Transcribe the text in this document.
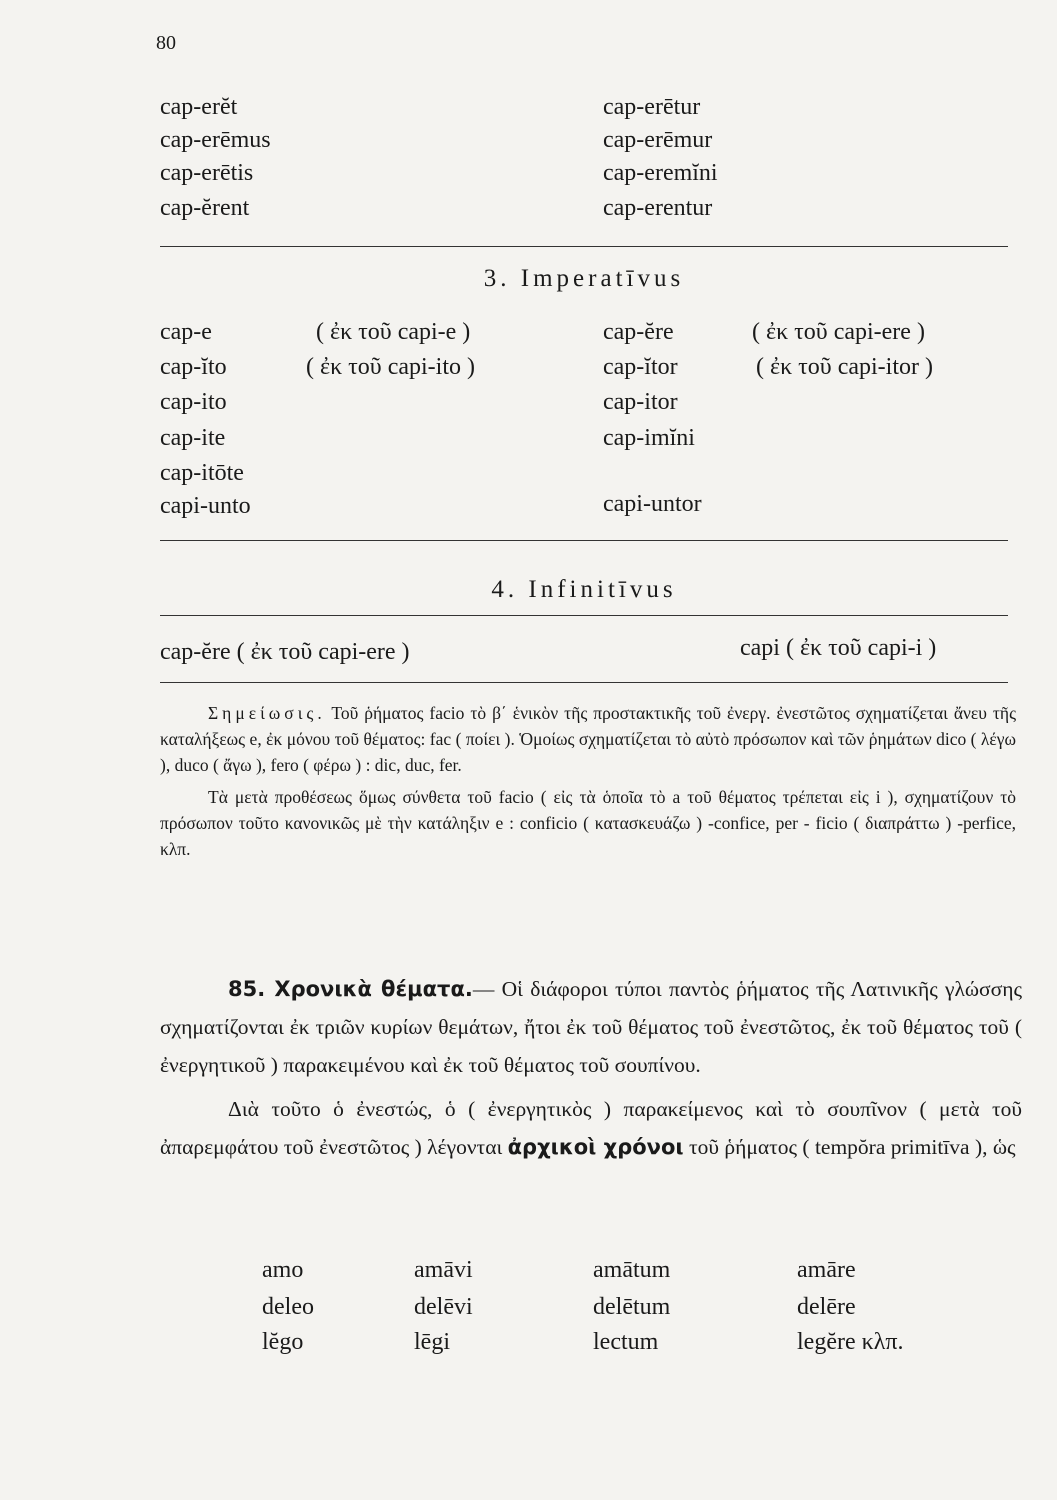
80
cap-erĕt	cap-erētur
cap-erēmus	cap-erēmur
cap-erētis	cap-eremĭni
cap-ĕrent	cap-erentur
3. Imperatīvus
cap-e	( ἐκ τοῦ capi-e )	cap-ĕre	( ἐκ τοῦ capi-ere )
cap-ĭto	( ἐκ τοῦ capi-ito )	cap-ĭtor	( ἐκ τοῦ capi-itor )
cap-ito	cap-itor
cap-ite	cap-imĭni
cap-itōte
capi-unto	capi-untor
4. Infinitīvus
cap-ĕre ( ἐκ τοῦ capi-ere )	capi ( ἐκ τοῦ capi-i )

Σημείωσις. Τοῦ ῥήματος facio τὸ β΄ ἑνικὸν τῆς προστακτικῆς τοῦ ἐνεργ. ἐνεστῶτος σχηματίζεται ἄνευ τῆς καταλήξεως e, ἐκ μόνου τοῦ θέματος: fac ( ποίει ). Ὁμοίως σχηματίζεται τὸ αὐτὸ πρόσωπον καὶ τῶν ῥημάτων dico ( λέγω ), duco ( ἄγω ), fero ( φέρω ) : dic, duc, fer.

Τὰ μετὰ προθέσεως ὅμως σύνθετα τοῦ facio ( εἰς τὰ ὁποῖα τὸ a τοῦ θέματος τρέπεται εἰς i ), σχηματίζουν τὸ πρόσωπον τοῦτο κανονικῶς μὲ τὴν κατάληξιν e : conficio ( κατασκευάζω ) -confice, per - ficio ( διαπράττω ) -perfice, κλπ.

85. Χρονικὰ θέματα.— Οἱ διάφοροι τύποι παντὸς ῥήματος τῆς Λατινικῆς γλώσσης σχηματίζονται ἐκ τριῶν κυρίων θεμάτων, ἤτοι ἐκ τοῦ θέματος τοῦ ἐνεστῶτος, ἐκ τοῦ θέματος τοῦ ( ἐνεργητικοῦ ) παρακειμένου καὶ ἐκ τοῦ θέματος τοῦ σουπίνου.

Διὰ τοῦτο ὁ ἐνεστώς, ὁ ( ἐνεργητικὸς ) παρακείμενος καὶ τὸ σουπῖνον ( μετὰ τοῦ ἀπαρεμφάτου τοῦ ἐνεστῶτος ) λέγονται ἀρχικοὶ χρόνοι τοῦ ῥήματος ( tempŏra primitīva ), ὡς

amo	amāvi	amātum	amāre
deleo	delēvi	delētum	delēre
lĕgo	lēgi	lectum	legĕre κλπ.
